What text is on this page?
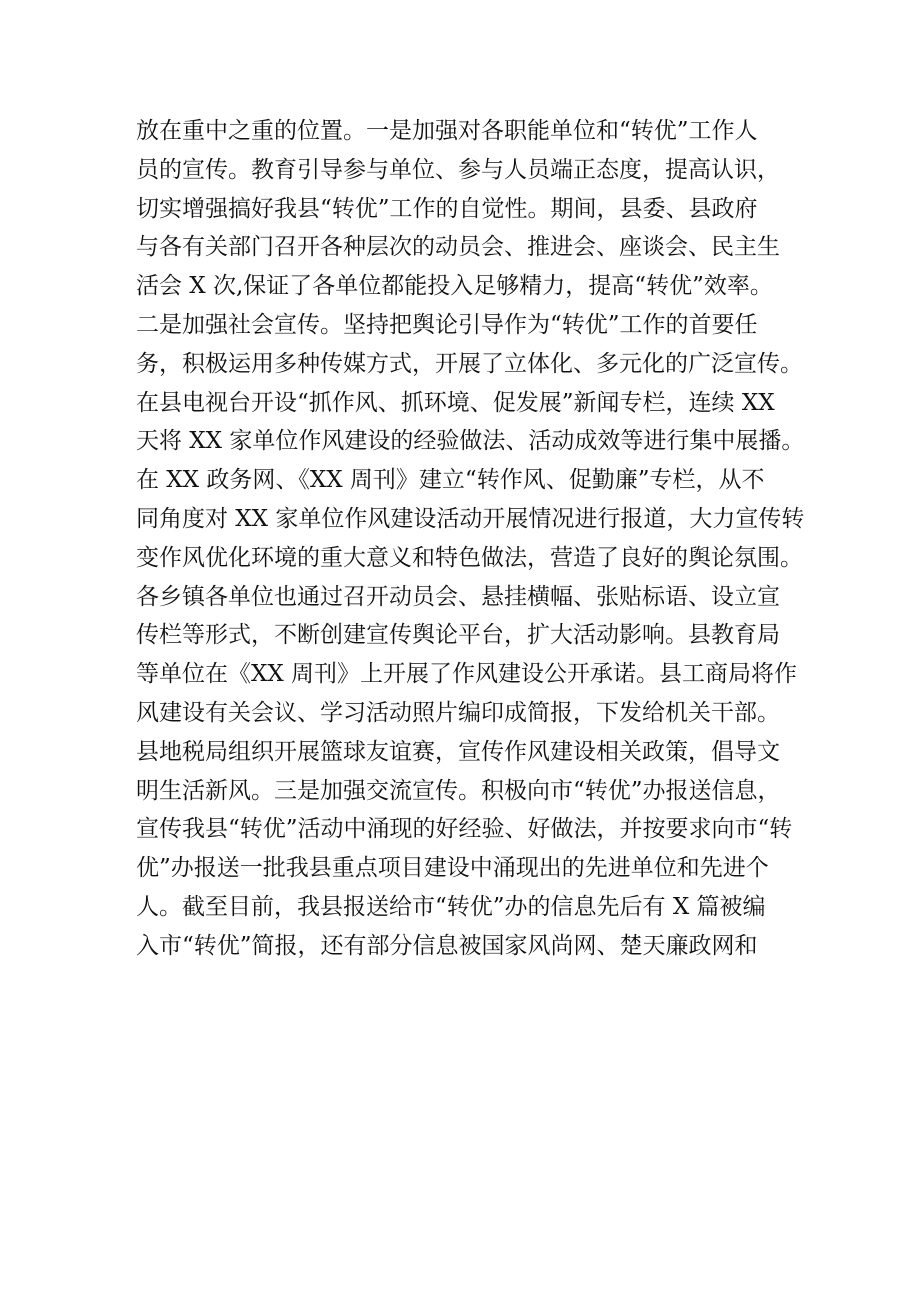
放在重中之重的位置。一是加强对各职能单位和“转优”工作人
员的宣传。教育引导参与单位、参与人员端正态度，提高认识，
切实增强搞好我县“转优”工作的自觉性。期间，县委、县政府
与各有关部门召开各种层次的动员会、推进会、座谈会、民主生
活会 X 次,保证了各单位都能投入足够精力，提高“转优”效率。
二是加强社会宣传。坚持把舆论引导作为“转优”工作的首要任
务，积极运用多种传媒方式，开展了立体化、多元化的广泛宣传。
在县电视台开设“抓作风、抓环境、促发展”新闻专栏，连续 XX
天将 XX 家单位作风建设的经验做法、活动成效等进行集中展播。
在 XX 政务网、《XX 周刊》建立“转作风、促勤廉”专栏，从不
同角度对 XX 家单位作风建设活动开展情况进行报道，大力宣传转
变作风优化环境的重大意义和特色做法，营造了良好的舆论氛围。
各乡镇各单位也通过召开动员会、悬挂横幅、张贴标语、设立宣
传栏等形式，不断创建宣传舆论平台，扩大活动影响。县教育局
等单位在《XX 周刊》上开展了作风建设公开承诺。县工商局将作
风建设有关会议、学习活动照片编印成简报，下发给机关干部。
县地税局组织开展篮球友谊赛，宣传作风建设相关政策，倡导文
明生活新风。三是加强交流宣传。积极向市“转优”办报送信息，
宣传我县“转优”活动中涌现的好经验、好做法，并按要求向市“转
优”办报送一批我县重点项目建设中涌现出的先进单位和先进个
人。截至目前，我县报送给市“转优”办的信息先后有 X 篇被编
入市“转优”简报，还有部分信息被国家风尚网、楚天廉政网和
